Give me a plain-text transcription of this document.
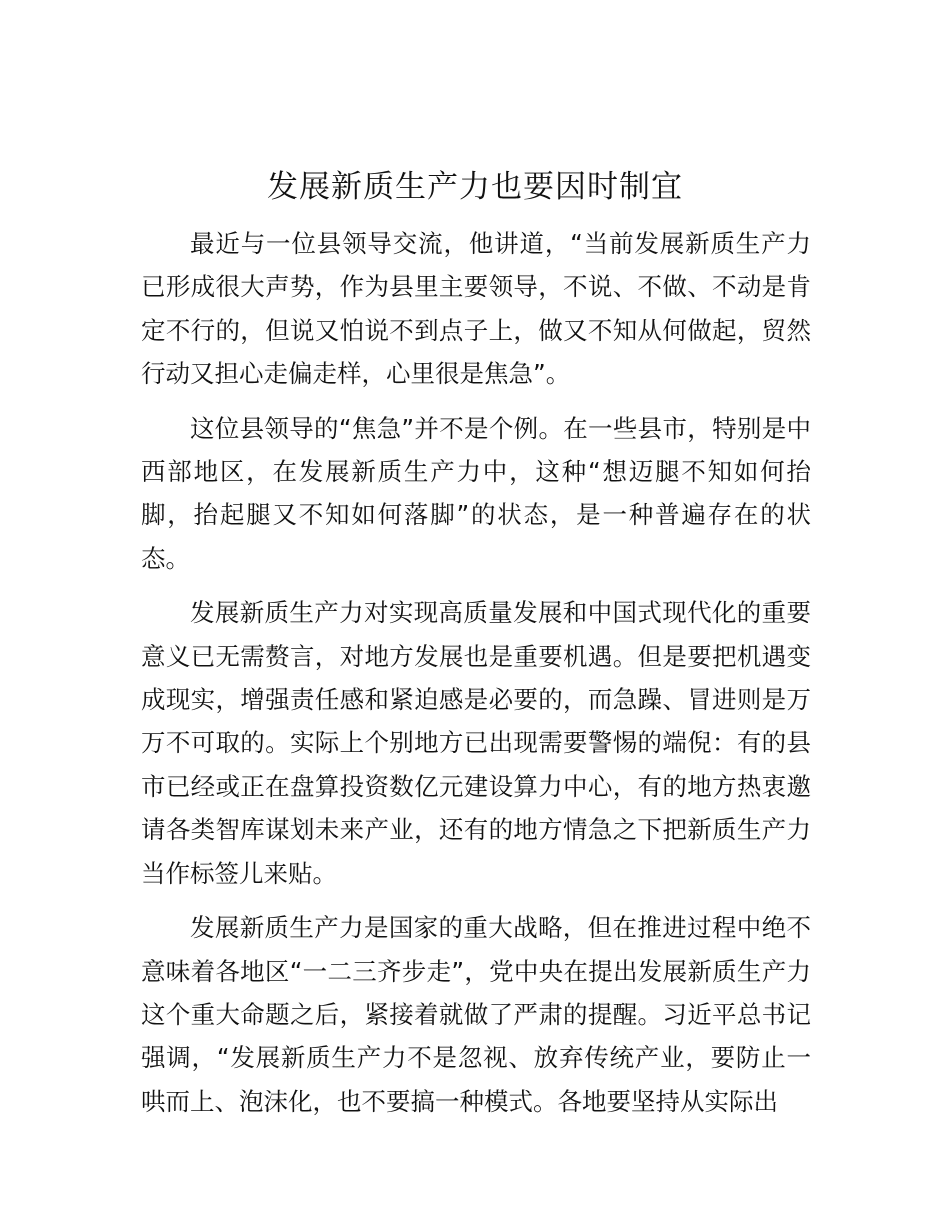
发展新质生产力也要因时制宜

最近与一位县领导交流，他讲道，“当前发展新质生产力已形成很大声势，作为县里主要领导，不说、不做、不动是肯定不行的，但说又怕说不到点子上，做又不知从何做起，贸然行动又担心走偏走样，心里很是焦急”。

这位县领导的“焦急”并不是个例。在一些县市，特别是中西部地区，在发展新质生产力中，这种“想迈腿不知如何抬脚，抬起腿又不知如何落脚”的状态，是一种普遍存在的状态。

发展新质生产力对实现高质量发展和中国式现代化的重要意义已无需赘言，对地方发展也是重要机遇。但是要把机遇变成现实，增强责任感和紧迫感是必要的，而急躁、冒进则是万万不可取的。实际上个别地方已出现需要警惕的端倪：有的县市已经或正在盘算投资数亿元建设算力中心，有的地方热衷邀请各类智库谋划未来产业，还有的地方情急之下把新质生产力当作标签儿来贴。

发展新质生产力是国家的重大战略，但在推进过程中绝不意味着各地区“一二三齐步走”，党中央在提出发展新质生产力这个重大命题之后，紧接着就做了严肃的提醒。习近平总书记强调，“发展新质生产力不是忽视、放弃传统产业，要防止一哄而上、泡沫化，也不要搞一种模式。各地要坚持从实际出
